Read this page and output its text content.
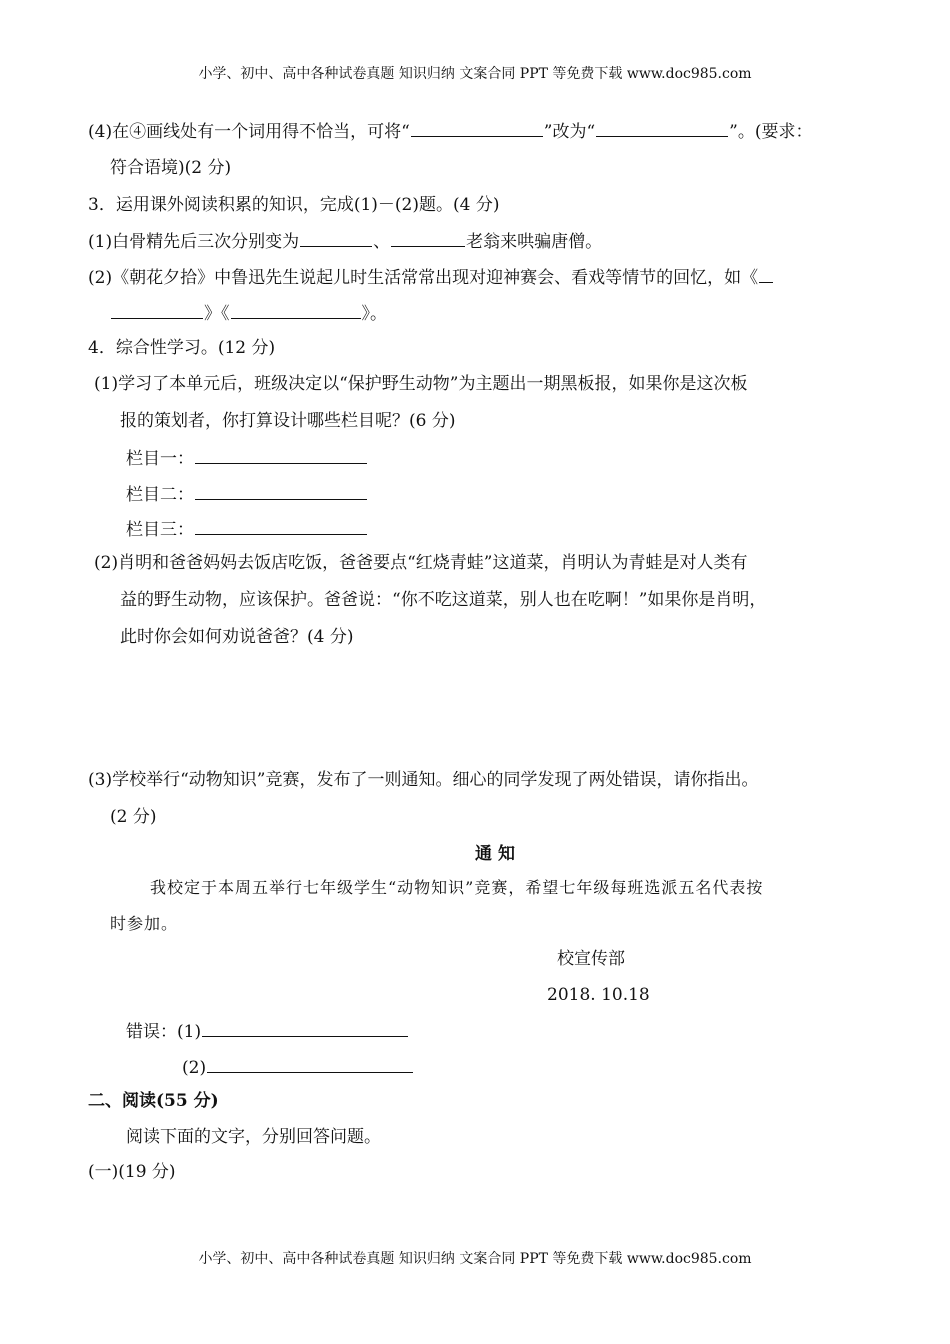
小学、初中、高中各种试卷真题 知识归纳 文案合同 PPT 等免费下载 www.doc985.com
(4)在④画线处有一个词用得不恰当，可将“	”改为“	”。(要求：
符合语境)(2 分)
3．运用课外阅读积累的知识，完成(1)－(2)题。(4 分)
(1)白骨精先后三次分别变为	、	老翁来哄骗唐僧。
(2)《朝花夕拾》中鲁迅先生说起儿时生活常常出现对迎神赛会、看戏等情节的回忆，如《
》《	》。
4．综合性学习。(12 分)
(1)学习了本单元后，班级决定以“保护野生动物”为主题出一期黑板报，如果你是这次板
报的策划者，你打算设计哪些栏目呢？(6 分)
栏目一：
栏目二：
栏目三：
(2)肖明和爸爸妈妈去饭店吃饭，爸爸要点“红烧青蛙”这道菜，肖明认为青蛙是对人类有
益的野生动物，应该保护。爸爸说：“你不吃这道菜，别人也在吃啊！”如果你是肖明，
此时你会如何劝说爸爸？(4 分)
(3)学校举行“动物知识”竞赛，发布了一则通知。细心的同学发现了两处错误，请你指出。
(2 分)
通 知
我校定于本周五举行七年级学生“动物知识”竞赛，希望七年级每班选派五名代表按
时参加。
校宣传部
2018. 10.18
错误：(1)
(2)
二、阅读(55 分)
阅读下面的文字，分别回答问题。
(一)(19 分)
小学、初中、高中各种试卷真题 知识归纳 文案合同 PPT 等免费下载 www.doc985.com
